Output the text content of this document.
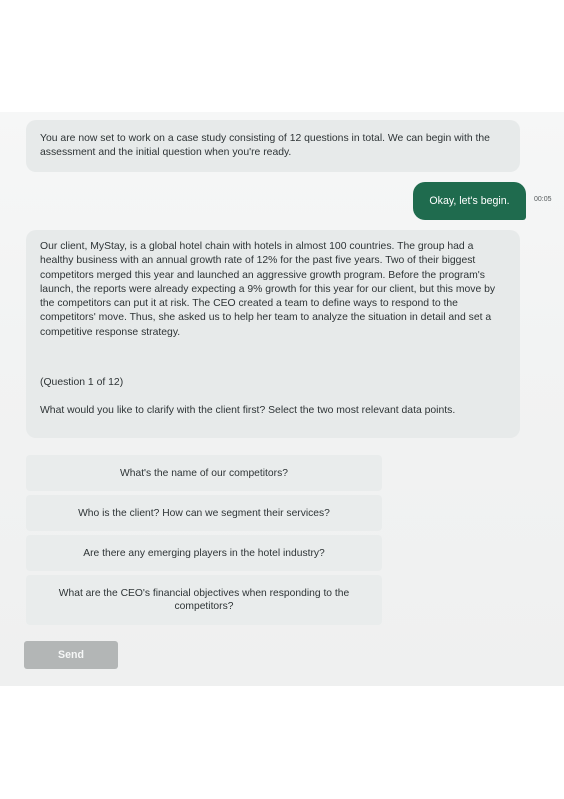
You are now set to work on a case study consisting of 12 questions in total. We can begin with the assessment and the initial question when you're ready.
Okay, let's begin.	00:05

Our client, MyStay, is a global hotel chain with hotels in almost 100 countries. The group had a healthy business with an annual growth rate of 12% for the past five years. Two of their biggest competitors merged this year and launched an aggressive growth program. Before the program's launch, the reports were already expecting a 9% growth for this year for our client, but this move by the competitors can put it at risk. The CEO created a team to define ways to respond to the competitors' move. Thus, she asked us to help her team to analyze the situation in detail and set a competitive response strategy.

(Question 1 of 12)

What would you like to clarify with the client first? Select the two most relevant data points.

What's the name of our competitors?
Who is the client? How can we segment their services?
Are there any emerging players in the hotel industry?
What are the CEO's financial objectives when responding to the competitors?
Send
